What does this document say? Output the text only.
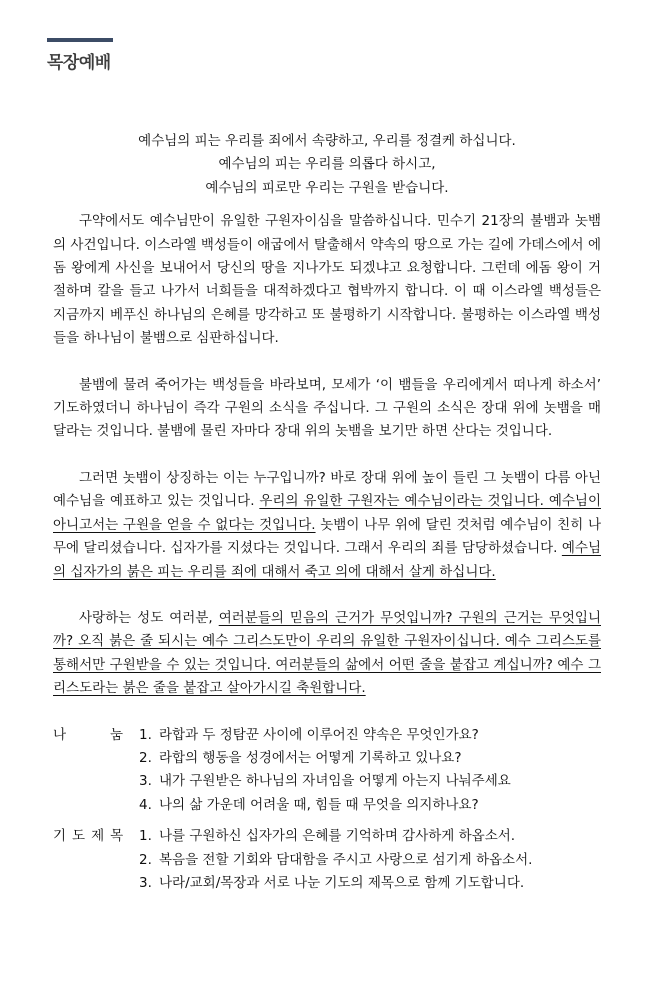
목장예배
예수님의 피는 우리를 죄에서 속량하고, 우리를 정결케 하십니다.
예수님의 피는 우리를 의롭다 하시고,
예수님의 피로만 우리는 구원을 받습니다.

구약에서도 예수님만이 유일한 구원자이심을 말씀하십니다. 민수기 21장의 불뱀과 놋뱀의 사건입니다. 이스라엘 백성들이 애굽에서 탈출해서 약속의 땅으로 가는 길에 가데스에서 에돔 왕에게 사신을 보내어서 당신의 땅을 지나가도 되겠냐고 요청합니다. 그런데 에돔 왕이 거절하며 칼을 들고 나가서 너희들을 대적하겠다고 협박까지 합니다. 이 때 이스라엘 백성들은 지금까지 베푸신 하나님의 은혜를 망각하고 또 불평하기 시작합니다. 불평하는 이스라엘 백성들을 하나님이 불뱀으로 심판하십니다.

불뱀에 물려 죽어가는 백성들을 바라보며, 모세가 ‘이 뱀들을 우리에게서 떠나게 하소서’ 기도하였더니 하나님이 즉각 구원의 소식을 주십니다. 그 구원의 소식은 장대 위에 놋뱀을 매달라는 것입니다. 불뱀에 물린 자마다 장대 위의 놋뱀을 보기만 하면 산다는 것입니다.

그러면 놋뱀이 상징하는 이는 누구입니까? 바로 장대 위에 높이 들린 그 놋뱀이 다름 아닌 예수님을 예표하고 있는 것입니다. 우리의 유일한 구원자는 예수님이라는 것입니다. 예수님이 아니고서는 구원을 얻을 수 없다는 것입니다. 놋뱀이 나무 위에 달린 것처럼 예수님이 친히 나무에 달리셨습니다. 십자가를 지셨다는 것입니다. 그래서 우리의 죄를 담당하셨습니다. 예수님의 십자가의 붉은 피는 우리를 죄에 대해서 죽고 의에 대해서 살게 하십니다.

사랑하는 성도 여러분, 여러분들의 믿음의 근거가 무엇입니까? 구원의 근거는 무엇입니까? 오직 붉은 줄 되시는 예수 그리스도만이 우리의 유일한 구원자이십니다. 예수 그리스도를 통해서만 구원받을 수 있는 것입니다. 여러분들의 삶에서 어떤 줄을 붙잡고 계십니까? 예수 그리스도라는 붉은 줄을 붙잡고 살아가시길 축원합니다.

나	눔 1. 라합과 두 정탐꾼 사이에 이루어진 약속은 무엇인가요?
2. 라합의 행동을 성경에서는 어떻게 기록하고 있나요?
3. 내가 구원받은 하나님의 자녀임을 어떻게 아는지 나눠주세요
4. 나의 삶 가운데 어려울 때, 힘들 때 무엇을 의지하나요?
기도제목 1. 나를 구원하신 십자가의 은혜를 기억하며 감사하게 하옵소서.
2. 복음을 전할 기회와 담대함을 주시고 사랑으로 섬기게 하옵소서.
3. 나라/교회/목장과 서로 나눈 기도의 제목으로 함께 기도합니다.
